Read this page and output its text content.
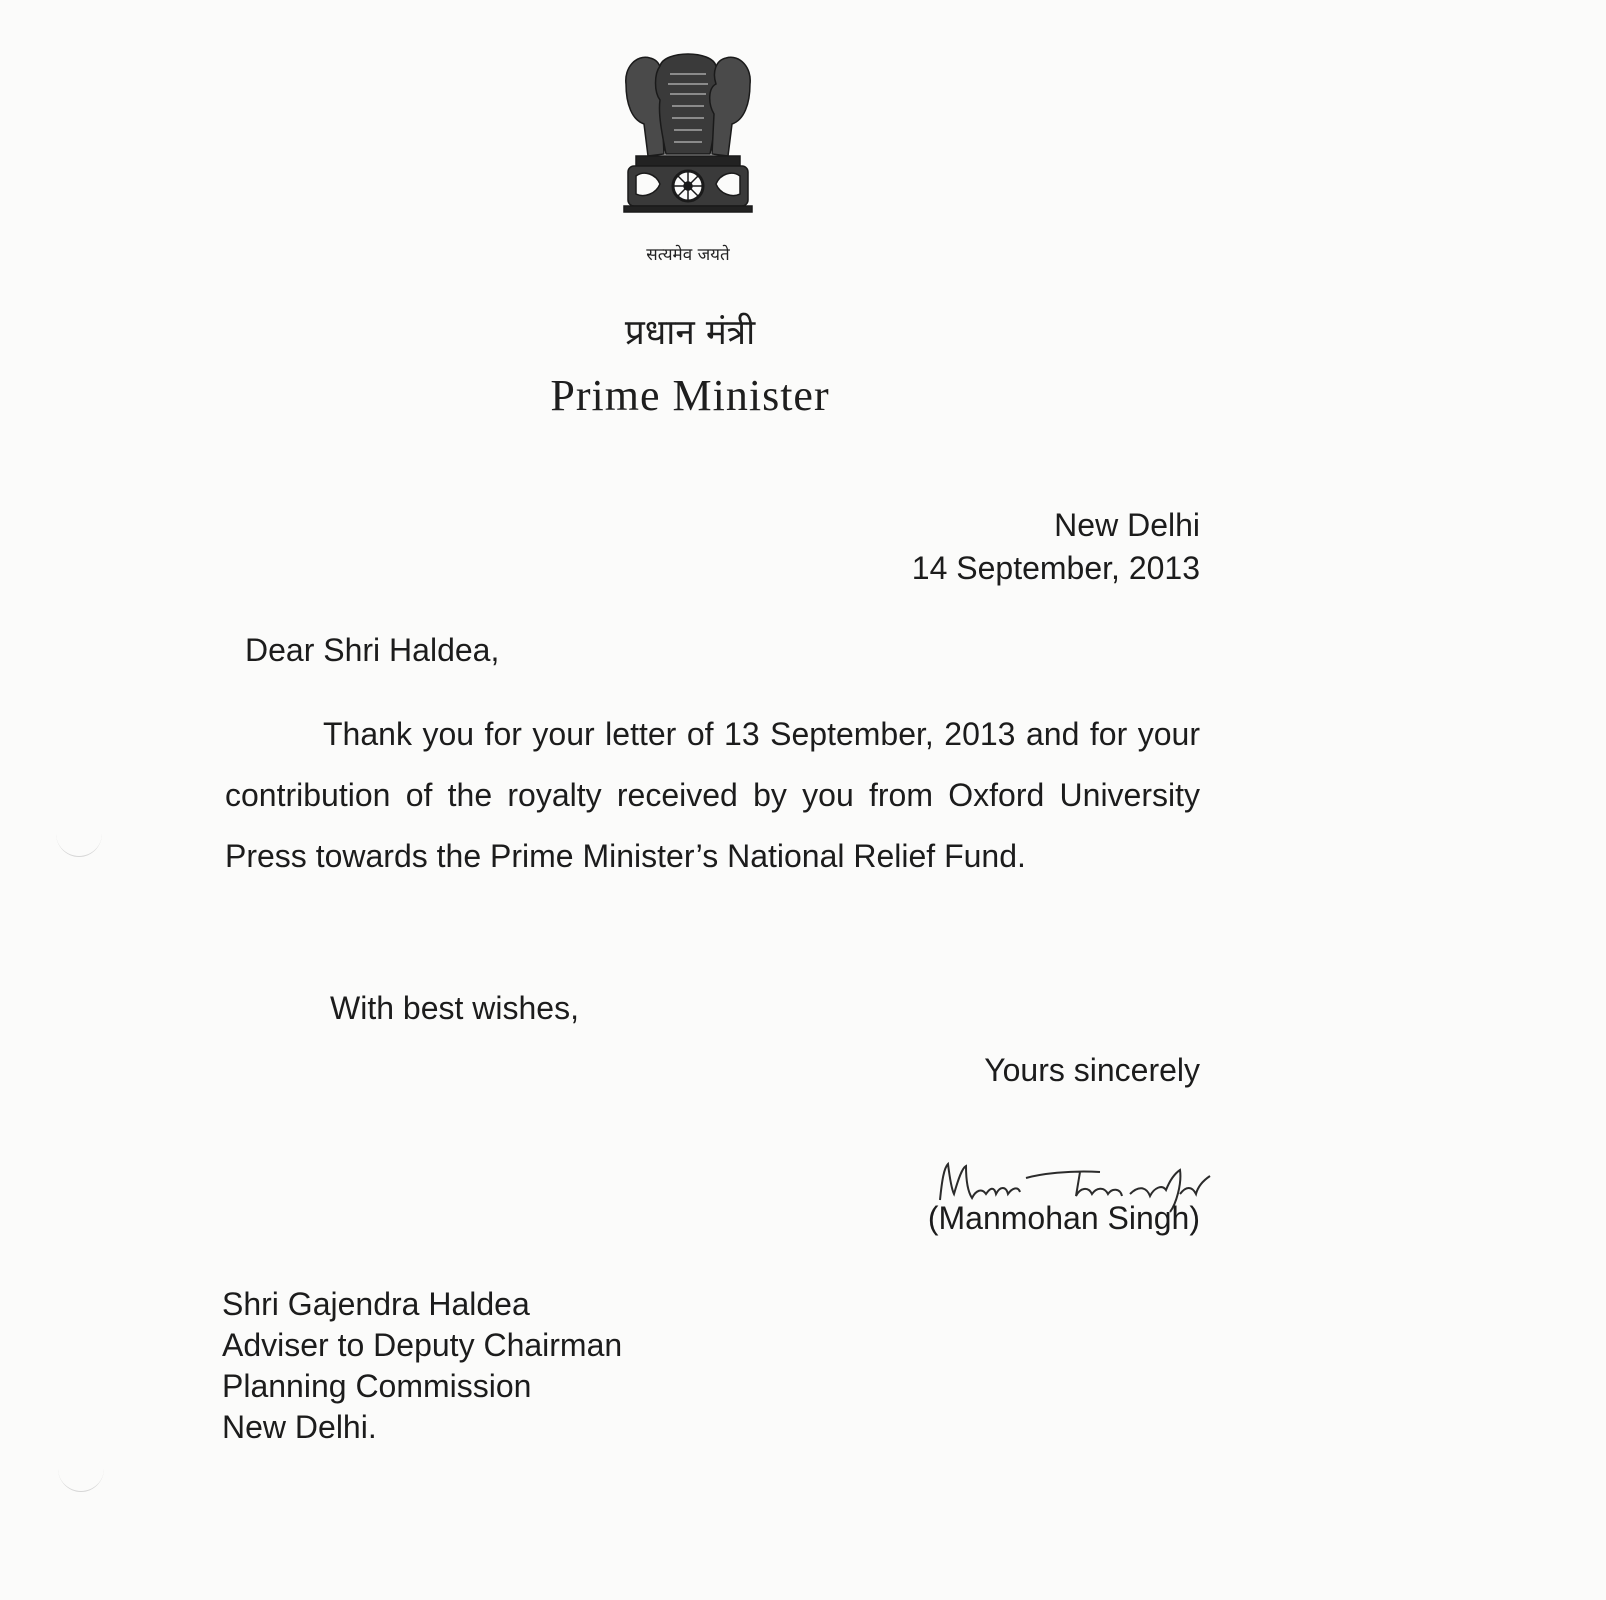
सत्यमेव जयते
प्रधान मंत्री
Prime Minister
New Delhi
14 September, 2013
Dear Shri Haldea,
Thank you for your letter of 13 September, 2013 and for your contribution of the royalty received by you from Oxford University Press towards the Prime Minister’s National Relief Fund.
With best wishes,
Yours sincerely
(Manmohan Singh)
Shri Gajendra Haldea
Adviser to Deputy Chairman
Planning Commission
New Delhi.
